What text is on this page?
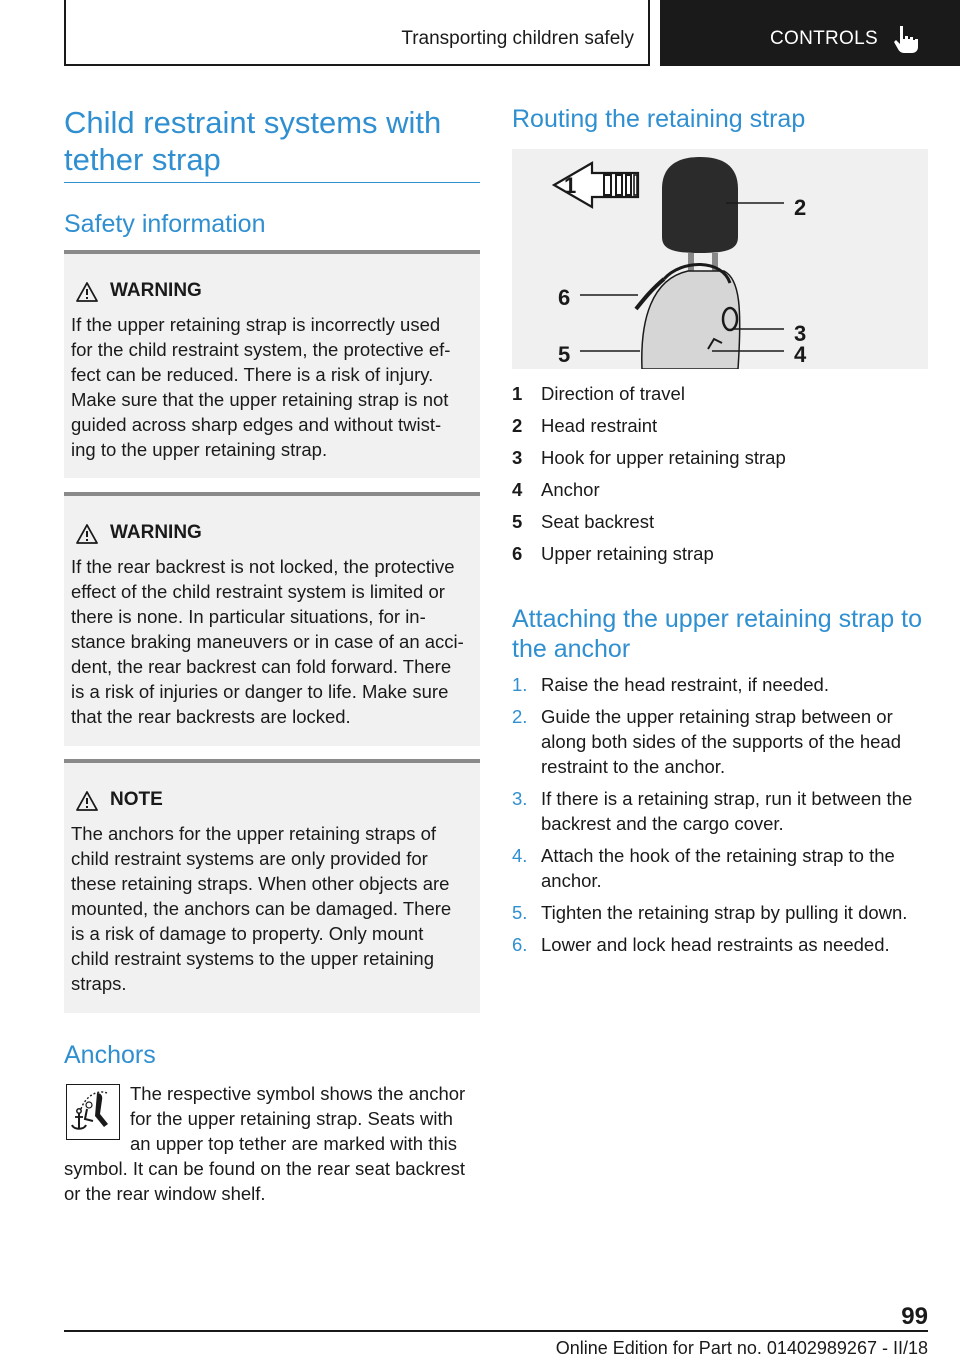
Transporting children safely	CONTROLS
Child restraint systems with tether strap
Safety information
WARNING
If the upper retaining strap is incorrectly used
for the child restraint system, the protective ef-
fect can be reduced. There is a risk of injury.
Make sure that the upper retaining strap is not
guided across sharp edges and without twist-
ing to the upper retaining strap.
WARNING
If the rear backrest is not locked, the protective
effect of the child restraint system is limited or
there is none. In particular situations, for in-
stance braking maneuvers or in case of an acci-
dent, the rear backrest can fold forward. There
is a risk of injuries or danger to life. Make sure
that the rear backrests are locked.
NOTE
The anchors for the upper retaining straps of
child restraint systems are only provided for
these retaining straps. When other objects are
mounted, the anchors can be damaged. There
is a risk of damage to property. Only mount
child restraint systems to the upper retaining
straps.
Anchors
The respective symbol shows the anchor
for the upper retaining strap. Seats with
an upper top tether are marked with this
symbol. It can be found on the rear seat backrest
or the rear window shelf.
Routing the retaining strap
1
2
6
3
4
5
1 Direction of travel
2 Head restraint
3 Hook for upper retaining strap
4 Anchor
5 Seat backrest
6 Upper retaining strap
Attaching the upper retaining strap to the anchor
1. Raise the head restraint, if needed.
2. Guide the upper retaining strap between or
along both sides of the supports of the head
restraint to the anchor.
3. If there is a retaining strap, run it between the
backrest and the cargo cover.
4. Attach the hook of the retaining strap to the
anchor.
5. Tighten the retaining strap by pulling it down.
6. Lower and lock head restraints as needed.
99
Online Edition for Part no. 01402989267 - II/18
